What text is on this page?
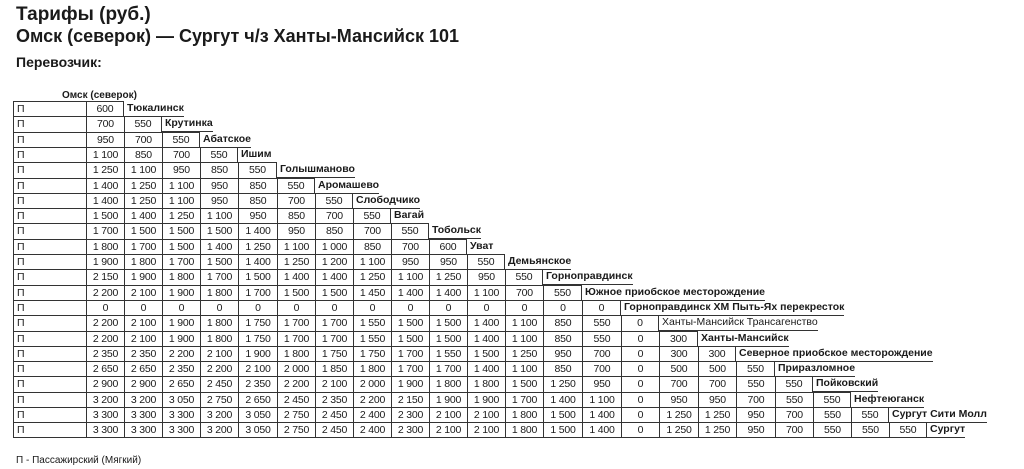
Тарифы (руб.)
Омск (северок) — Сургут ч/з Ханты-Мансийск 101
Перевозчик:
Омск (северок)
П	600	Тюкалинск
П	700	550	Крутинка
П	950	700	550	Абатское
П	1 100	850	700	550	Ишим
П	1 250	1 100	950	850	550	Голышманово
П	1 400	1 250	1 100	950	850	550	Аромашево
П	1 400	1 250	1 100	950	850	700	550	Слободчико
П	1 500	1 400	1 250	1 100	950	850	700	550	Вагай
П	1 700	1 500	1 500	1 500	1 400	950	850	700	550	Тобольск
П	1 800	1 700	1 500	1 400	1 250	1 100	1 000	850	700	600	Уват
П	1 900	1 800	1 700	1 500	1 400	1 250	1 200	1 100	950	950	550	Демьянское
П	2 150	1 900	1 800	1 700	1 500	1 400	1 400	1 250	1 100	1 250	950	550	Горноправдинск
П	2 200	2 100	1 900	1 800	1 700	1 500	1 500	1 450	1 400	1 400	1 100	700	550	Южное приобское месторождение
П	0	0	0	0	0	0	0	0	0	0	0	0	0	0	Горноправдинск ХМ Пыть-Ях перекресток
П	2 200	2 100	1 900	1 800	1 750	1 700	1 700	1 550	1 500	1 500	1 400	1 100	850	550	0	Ханты-Мансийск Трансагенство
П	2 200	2 100	1 900	1 800	1 750	1 700	1 700	1 550	1 500	1 500	1 400	1 100	850	550	0	300	Ханты-Мансийск
П	2 350	2 350	2 200	2 100	1 900	1 800	1 750	1 750	1 700	1 550	1 500	1 250	950	700	0	300	300	Северное приобское месторождение
П	2 650	2 650	2 350	2 200	2 100	2 000	1 850	1 800	1 700	1 700	1 400	1 100	850	700	0	500	500	550	Приразломное
П	2 900	2 900	2 650	2 450	2 350	2 200	2 100	2 000	1 900	1 800	1 800	1 500	1 250	950	0	700	700	550	550	Пойковский
П	3 200	3 200	3 050	2 750	2 650	2 450	2 350	2 200	2 150	1 900	1 900	1 700	1 400	1 100	0	950	950	700	550	550	Нефтеюганск
П	3 300	3 300	3 300	3 200	3 050	2 750	2 450	2 400	2 300	2 100	2 100	1 800	1 500	1 400	0	1 250	1 250	950	700	550	550	Сургут Сити Молл
П	3 300	3 300	3 300	3 200	3 050	2 750	2 450	2 400	2 300	2 100	2 100	1 800	1 500	1 400	0	1 250	1 250	950	700	550	550	550	Сургут
П - Пассажирский (Мягкий)
